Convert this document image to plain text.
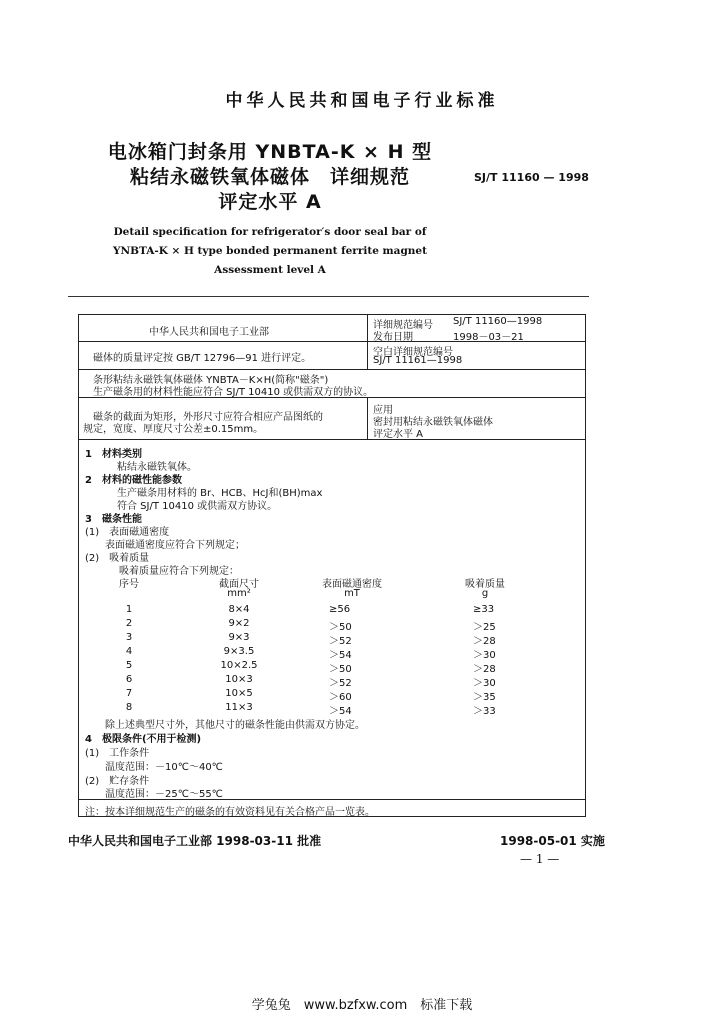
中华人民共和国电子行业标准
电冰箱门封条用 YNBTA-K × H 型
粘结永磁铁氧体磁体　详细规范
评定水平 A
SJ/T 11160 — 1998
Detail specification for refrigerator′s door seal bar of
YNBTA-K × H type bonded permanent ferrite magnet
Assessment level A
中华人民共和国电子工业部
详细规范编号 SJ/T 11160—1998
发布日期	1998－03－21
磁体的质量评定按 GB/T 12796—91 进行评定。
空白详细规范编号
SJ/T 11161—1998
条形粘结永磁铁氧体磁体 YNBTA－K×H(简称"磁条")
生产磁条用的材料性能应符合 SJ/T 10410 或供需双方的协议。
磁条的截面为矩形，外形尺寸应符合相应产品图纸的
规定，宽度、厚度尺寸公差±0.15mm。
应用
密封用粘结永磁铁氧体磁体
评定水平 A
1　材料类别
粘结永磁铁氧体。
2　材料的磁性能参数
生产磁条用材料的 Br、HCB、HcJ和(BH)max
符合 SJ/T 10410 或供需双方协议。
3　磁条性能
(1)　表面磁通密度
表面磁通密度应符合下列规定；
(2)　吸着质量
吸着质量应符合下列规定：
序号	截面尺寸	表面磁通密度	吸着质量
mm²	mT	g
1	8×4	≥56	≥33
2	9×2	＞50	＞25
3	9×3	＞52	＞28
4	9×3.5	＞54	＞30
5	10×2.5	＞50	＞28
6	10×3	＞52	＞30
7	10×5	＞60	＞35
8	11×3	＞54	＞33
除上述典型尺寸外，其他尺寸的磁条性能由供需双方协定。
4　极限条件(不用于检测)
(1)　工作条件
温度范围：－10℃～40℃
(2)　贮存条件
温度范围：－25℃～55℃
注：按本详细规范生产的磁条的有效资料见有关合格产品一览表。
中华人民共和国电子工业部 1998-03-11 批准	1998-05-01 实施
— 1 —
学兔兔　www.bzfxw.com　标准下载
